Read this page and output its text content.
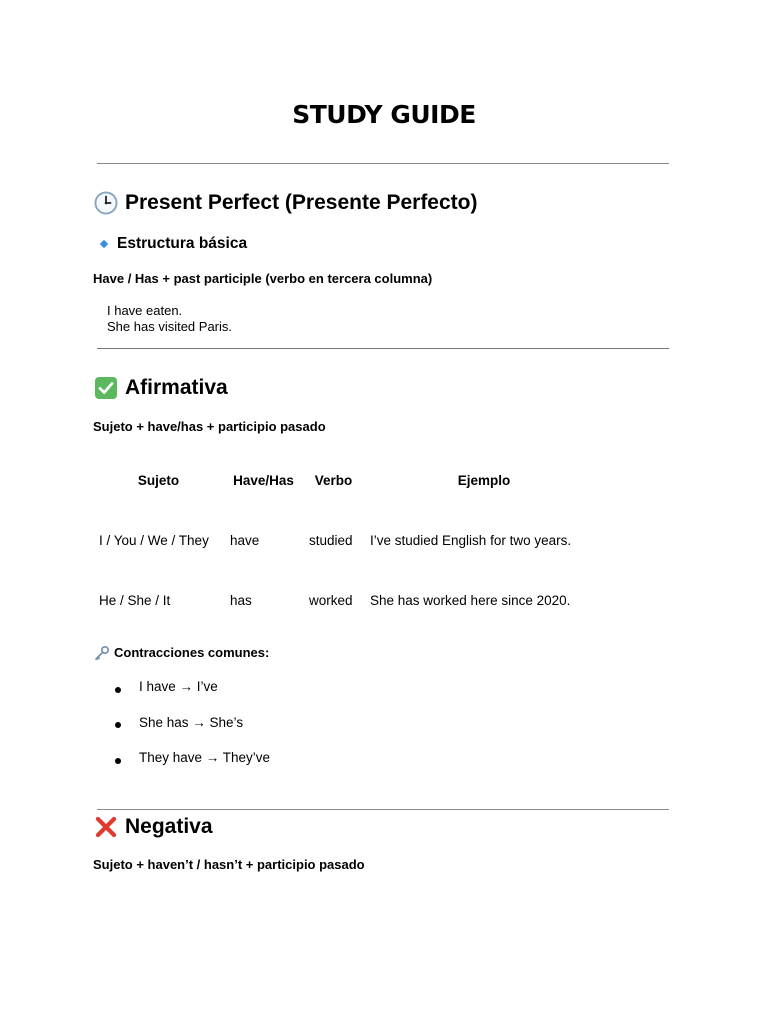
STUDY GUIDE
Present Perfect (Presente Perfecto)
Estructura básica

Have / Has + past participle (verbo en tercera columna)

I have eaten.
She has visited Paris.
Afirmativa

Sujeto + have/has + participio pasado

Sujeto	Have/Has	Verbo	Ejemplo
I / You / We / They	have	studied	I’ve studied English for two years.
He / She / It	has	worked	She has worked here since 2020.

Contracciones comunes:

I have → I’ve
She has → She’s
They have → They’ve
Negativa

Sujeto + haven’t / hasn’t + participio pasado
